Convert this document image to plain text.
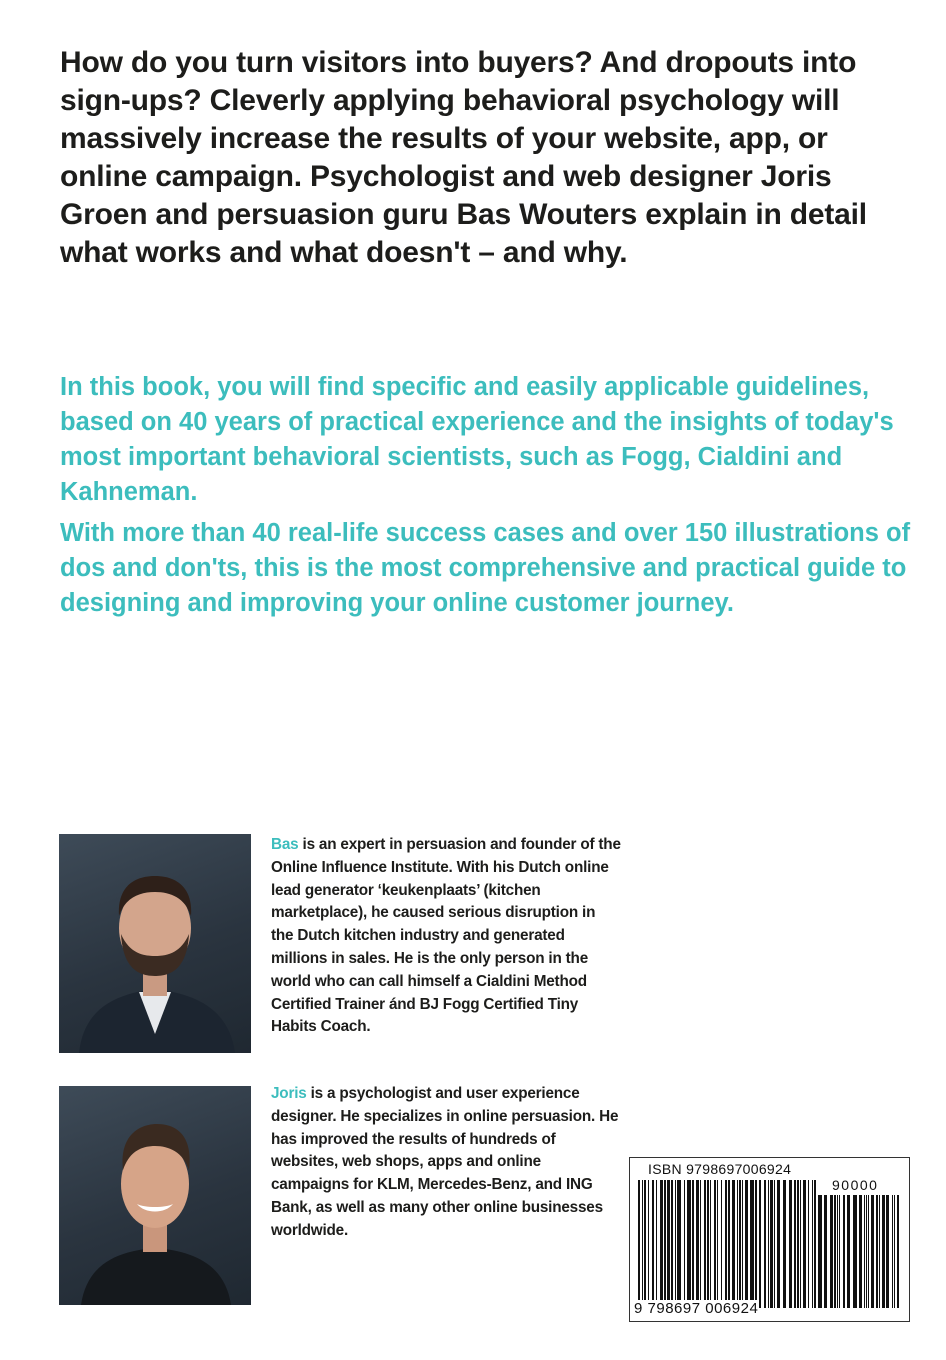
How do you turn visitors into buyers? And dropouts into sign-ups? Cleverly applying behavioral psychology will massively increase the results of your website, app, or online campaign. Psychologist and web designer Joris Groen and persuasion guru Bas Wouters explain in detail what works and what doesn't – and why.

In this book, you will find specific and easily applicable guidelines, based on 40 years of practical experience and the insights of today's most important behavioral scientists, such as Fogg, Cialdini and Kahneman.

With more than 40 real-life success cases and over 150 illustrations of dos and don'ts, this is the most comprehensive and practical guide to designing and improving your online customer journey.

Bas is an expert in persuasion and founder of the Online Influence Institute. With his Dutch online lead generator ‘keukenplaats’ (kitchen marketplace), he caused serious disruption in the Dutch kitchen industry and generated millions in sales. He is the only person in the world who can call himself a Cialdini Method Certified Trainer ánd BJ Fogg Certified Tiny Habits Coach.

Joris is a psychologist and user experience designer. He specializes in online persuasion. He has improved the results of hundreds of websites, web shops, apps and online campaigns for KLM, Mercedes-Benz, and ING Bank, as well as many other online businesses worldwide.

ISBN 9798697006924
90000
9 798697 006924
